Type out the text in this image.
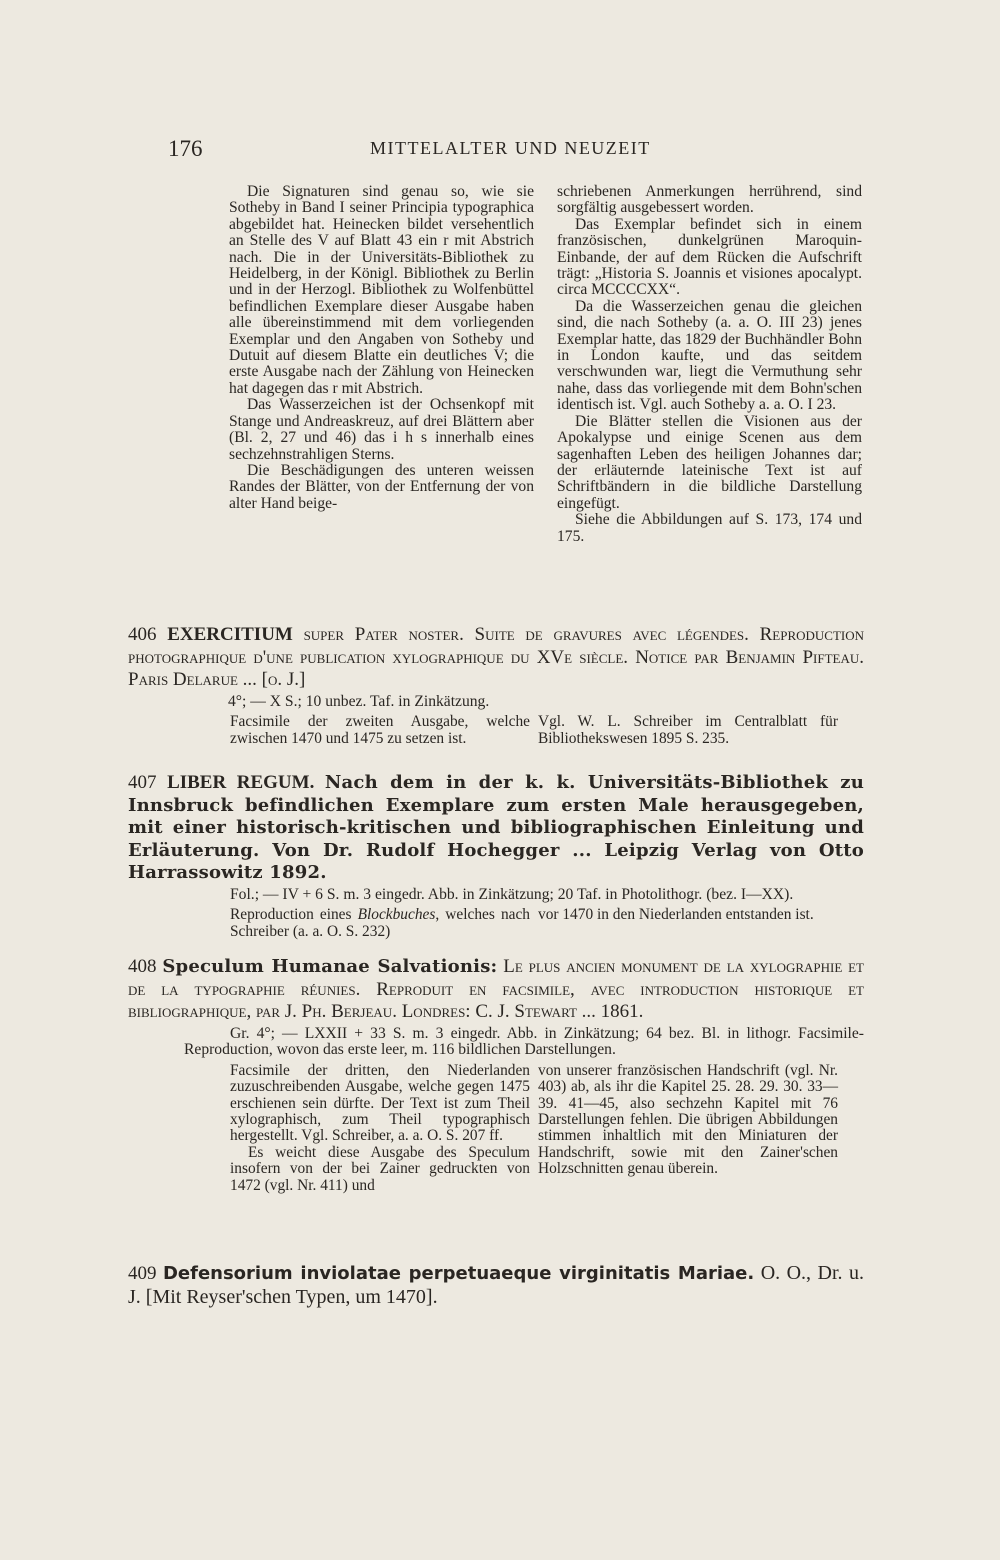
176	MITTELALTER UND NEUZEIT

Die Signaturen sind genau so, wie sie Sotheby in Band I seiner Principia typographica abgebildet hat. Heinecken bildet versehentlich an Stelle des V auf Blatt 43 ein r mit Abstrich nach. Die in der Universitäts-Bibliothek zu Heidelberg, in der Königl. Bibliothek zu Berlin und in der Herzogl. Bibliothek zu Wolfenbüttel befindlichen Exemplare dieser Ausgabe haben alle übereinstimmend mit dem vorliegenden Exemplar und den Angaben von Sotheby und Dutuit auf diesem Blatte ein deutliches V; die erste Ausgabe nach der Zählung von Heinecken hat dagegen das r mit Abstrich.

Das Wasserzeichen ist der Ochsenkopf mit Stange und Andreaskreuz, auf drei Blättern aber (Bl. 2, 27 und 46) das i h s innerhalb eines sechzehnstrahligen Sterns.

Die Beschädigungen des unteren weissen Randes der Blätter, von der Entfernung der von alter Hand beige-

schriebenen Anmerkungen herrührend, sind sorgfältig ausgebessert worden.

Das Exemplar befindet sich in einem französischen, dunkelgrünen Maroquin-Einbande, der auf dem Rücken die Aufschrift trägt: „Historia S. Joannis et visiones apocalypt. circa MCCCCXX“.

Da die Wasserzeichen genau die gleichen sind, die nach Sotheby (a. a. O. III 23) jenes Exemplar hatte, das 1829 der Buchhändler Bohn in London kaufte, und das seitdem verschwunden war, liegt die Vermuthung sehr nahe, dass das vorliegende mit dem Bohn'schen identisch ist. Vgl. auch Sotheby a. a. O. I 23.

Die Blätter stellen die Visionen aus der Apokalypse und einige Scenen aus dem sagenhaften Leben des heiligen Johannes dar; der erläuternde lateinische Text ist auf Schriftbändern in die bildliche Darstellung eingefügt.

Siehe die Abbildungen auf S. 173, 174 und 175.

406 EXERCITIUM super Pater noster. Suite de gravures avec légendes. Reproduction photographique d'une publication xylographique du XVe siècle. Notice par Benjamin Pifteau. Paris Delarue ... [o. J.]
4°; — X S.; 10 unbez. Taf. in Zinkätzung.
Facsimile der zweiten Ausgabe, welche zwischen 1470 und 1475 zu setzen ist.
Vgl. W. L. Schreiber im Centralblatt für Bibliothekswesen 1895 S. 235.
407 LIBER REGUM. Nach dem in der k. k. Universitäts-Bibliothek zu Innsbruck befindlichen Exemplare zum ersten Male herausgegeben, mit einer historisch-kritischen und bibliographischen Einleitung und Erläuterung. Von Dr. Rudolf Hochegger ... Leipzig Verlag von Otto Harrassowitz 1892.
Fol.; — IV + 6 S. m. 3 eingedr. Abb. in Zinkätzung; 20 Taf. in Photolithogr. (bez. I—XX).
Reproduction eines Blockbuches, welches nach Schreiber (a. a. O. S. 232)
vor 1470 in den Niederlanden entstanden ist.
408 Speculum Humanae Salvationis: Le plus ancien monument de la xylographie et de la typographie réunies. Reproduit en facsimile, avec introduction historique et bibliographique, par J. Ph. Berjeau. Londres: C. J. Stewart ... 1861.
Gr. 4°; — LXXII + 33 S. m. 3 eingedr. Abb. in Zinkätzung; 64 bez. Bl. in lithogr. Facsimile-Reproduction, wovon das erste leer, m. 116 bildlichen Darstellungen.

Facsimile der dritten, den Niederlanden zuzuschreibenden Ausgabe, welche gegen 1475 erschienen sein dürfte. Der Text ist zum Theil xylographisch, zum Theil typographisch hergestellt. Vgl. Schreiber, a. a. O. S. 207 ff.

Es weicht diese Ausgabe des Speculum insofern von der bei Zainer gedruckten von 1472 (vgl. Nr. 411) und

von unserer französischen Handschrift (vgl. Nr. 403) ab, als ihr die Kapitel 25. 28. 29. 30. 33—39. 41—45, also sechzehn Kapitel mit 76 Darstellungen fehlen. Die übrigen Abbildungen stimmen inhaltlich mit den Miniaturen der Handschrift, sowie mit den Zainer'schen Holzschnitten genau überein.
409 Defensorium inviolatae perpetuaeque virginitatis Mariae. O. O., Dr. u. J. [Mit Reyser'schen Typen, um 1470].
